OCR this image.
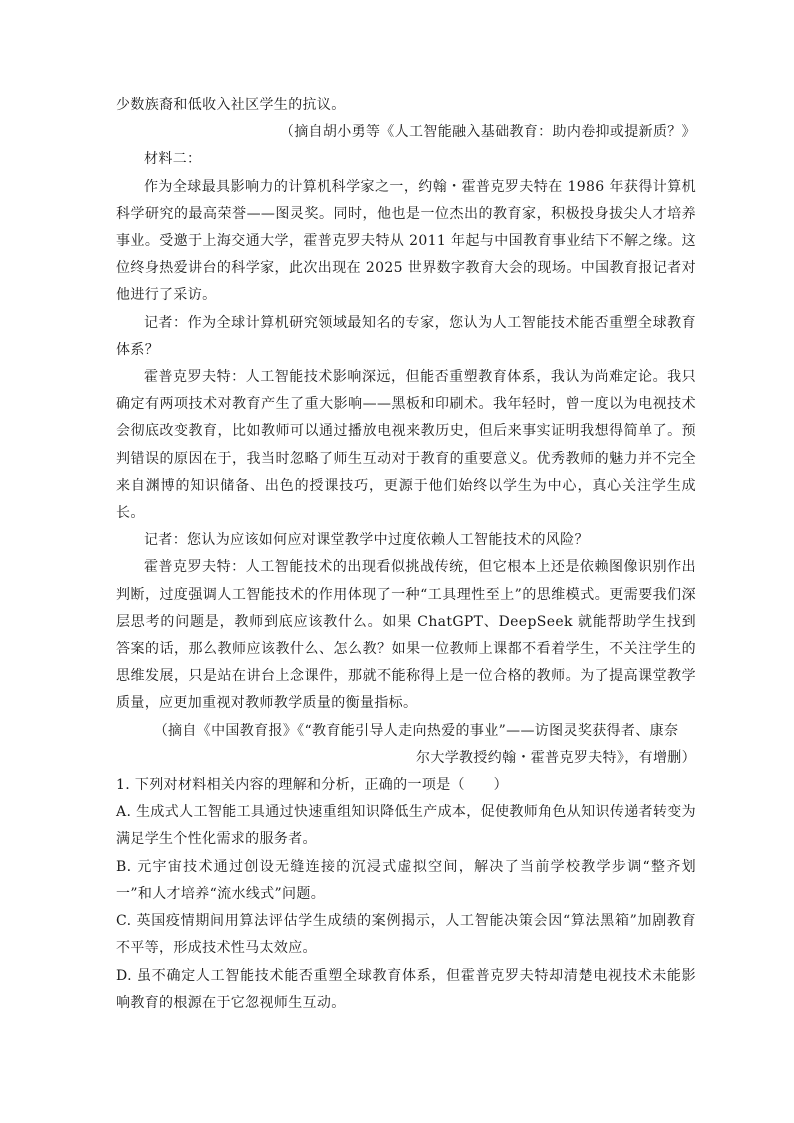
少数族裔和低收入社区学生的抗议。

（摘自胡小勇等《人工智能融入基础教育：助内卷抑或提新质？》

材料二：

作为全球最具影响力的计算机科学家之一，约翰・霍普克罗夫特在 1986 年获得计算机科学研究的最高荣誉——图灵奖。同时，他也是一位杰出的教育家，积极投身拔尖人才培养事业。受邀于上海交通大学，霍普克罗夫特从 2011 年起与中国教育事业结下不解之缘。这位终身热爱讲台的科学家，此次出现在 2025 世界数字教育大会的现场。中国教育报记者对他进行了采访。

记者：作为全球计算机研究领域最知名的专家，您认为人工智能技术能否重塑全球教育体系？

霍普克罗夫特：人工智能技术影响深远，但能否重塑教育体系，我认为尚难定论。我只确定有两项技术对教育产生了重大影响——黑板和印刷术。我年轻时，曾一度以为电视技术会彻底改变教育，比如教师可以通过播放电视来教历史，但后来事实证明我想得简单了。预判错误的原因在于，我当时忽略了师生互动对于教育的重要意义。优秀教师的魅力并不完全来自渊博的知识储备、出色的授课技巧，更源于他们始终以学生为中心，真心关注学生成长。

记者：您认为应该如何应对课堂教学中过度依赖人工智能技术的风险？

霍普克罗夫特：人工智能技术的出现看似挑战传统，但它根本上还是依赖图像识别作出判断，过度强调人工智能技术的作用体现了一种“工具理性至上”的思维模式。更需要我们深层思考的问题是，教师到底应该教什么。如果 ChatGPT、DeepSeek 就能帮助学生找到答案的话，那么教师应该教什么、怎么教？如果一位教师上课都不看着学生，不关注学生的思维发展，只是站在讲台上念课件，那就不能称得上是一位合格的教师。为了提高课堂教学质量，应更加重视对教师教学质量的衡量指标。

（摘自《中国教育报》《“教育能引导人走向热爱的事业”——访图灵奖获得者、康奈

尔大学教授约翰・霍普克罗夫特》，有增删）

1. 下列对材料相关内容的理解和分析，正确的一项是（　　）

A. 生成式人工智能工具通过快速重组知识降低生产成本，促使教师角色从知识传递者转变为满足学生个性化需求的服务者。

B. 元宇宙技术通过创设无缝连接的沉浸式虚拟空间，解决了当前学校教学步调“整齐划一”和人才培养“流水线式”问题。

C. 英国疫情期间用算法评估学生成绩的案例揭示，人工智能决策会因“算法黑箱”加剧教育不平等，形成技术性马太效应。

D. 虽不确定人工智能技术能否重塑全球教育体系，但霍普克罗夫特却清楚电视技术未能影响教育的根源在于它忽视师生互动。
